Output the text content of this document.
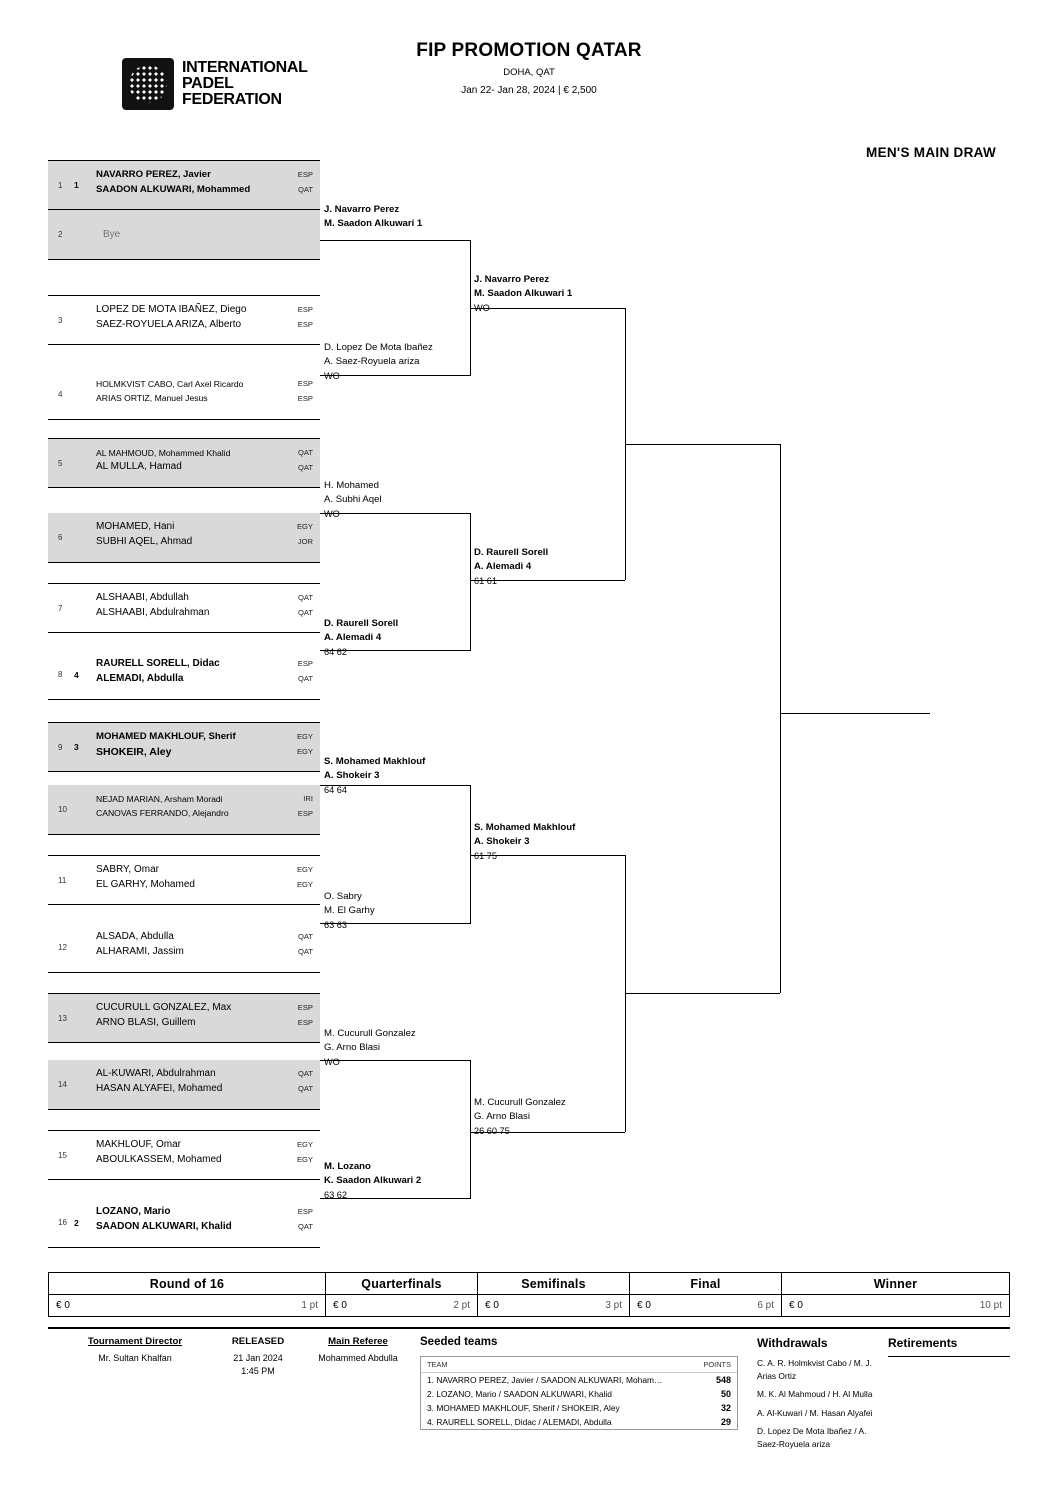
INTERNATIONAL
PADEL
FEDERATION
FIP PROMOTION QATAR
DOHA, QAT
Jan 22- Jan 28, 2024 | € 2,500
MEN'S MAIN DRAW
1 1
NAVARRO PEREZ, Javier
SAADON ALKUWARI, Mohammed
ESP
QAT
2	Bye
3
LOPEZ DE MOTA IBAÑEZ, Diego
SAEZ-ROYUELA ARIZA, Alberto
ESP
ESP
4
HOLMKVIST CABO, Carl Axel Ricardo
ARIAS ORTIZ, Manuel Jesus
ESP
ESP
5
AL MAHMOUD, Mohammed Khalid
AL MULLA, Hamad
QAT
QAT
6
MOHAMED, Hani
SUBHI AQEL, Ahmad
EGY
JOR
7
ALSHAABI, Abdullah
ALSHAABI, Abdulrahman
QAT
QAT
8 4
RAURELL SORELL, Didac
ALEMADI, Abdulla
ESP
QAT
9 3
MOHAMED MAKHLOUF, Sherif
SHOKEIR, Aley
EGY
EGY
10
NEJAD MARIAN, Arsham Moradi
CANOVAS FERRANDO, Alejandro
IRI
ESP
11
SABRY, Omar
EL GARHY, Mohamed
EGY
EGY
12
ALSADA, Abdulla
ALHARAMI, Jassim
QAT
QAT
13
CUCURULL GONZALEZ, Max
ARNO BLASI, Guillem
ESP
ESP
14
AL-KUWARI, Abdulrahman
HASAN ALYAFEI, Mohamed
QAT
QAT
15
MAKHLOUF, Omar
ABOULKASSEM, Mohamed
EGY
EGY
16 2
LOZANO, Mario
SAADON ALKUWARI, Khalid
ESP
QAT
J. Navarro Perez
M. Saadon Alkuwari 1
D. Lopez De Mota Ibañez
A. Saez-Royuela ariza
WO
H. Mohamed
A. Subhi Aqel
WO
D. Raurell Sorell
A. Alemadi 4
64 62
S. Mohamed Makhlouf
A. Shokeir 3
64 64
O. Sabry
M. El Garhy
63 63
M. Cucurull Gonzalez
G. Arno Blasi
WO
M. Lozano
K. Saadon Alkuwari 2
63 62
J. Navarro Perez
M. Saadon Alkuwari 1
WO
D. Raurell Sorell
A. Alemadi 4
61 61
S. Mohamed Makhlouf
A. Shokeir 3
61 75
M. Cucurull Gonzalez
G. Arno Blasi
26 60 75
Round of 16	Quarterfinals	Semifinals	Final	Winner
€ 0	1 pt € 0	2 pt € 0	3 pt € 0	6 pt € 0	10 pt
Tournament Director
Mr. Sultan Khalfan
RELEASED
21 Jan 2024
1:45 PM
Main Referee
Mohammed Abdulla
Seeded teams
TEAM	POINTS
1. NAVARRO PEREZ, Javier / SAADON ALKUWARI, Moham…	548
2. LOZANO, Mario / SAADON ALKUWARI, Khalid	50
3. MOHAMED MAKHLOUF, Sherif / SHOKEIR, Aley	32
4. RAURELL SORELL, Didac / ALEMADI, Abdulla	29
Withdrawals
C. A. R. Holmkvist Cabo / M. J. Arias Ortiz
M. K. Al Mahmoud / H. Al Mulla
A. Al-Kuwari / M. Hasan Alyafei
D. Lopez De Mota Ibañez / A. Saez-Royuela ariza
Retirements
